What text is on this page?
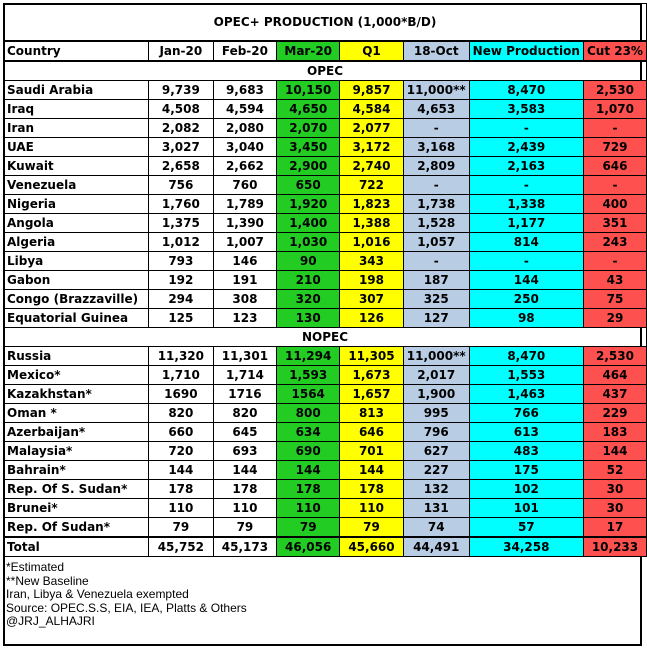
OPEC+ PRODUCTION (1,000*B/D)							
Country	Jan-20	Feb-20	Mar-20	Q1	18-Oct	New Production	Cut 23%
OPEC							
Saudi Arabia	9,739	9,683	10,150	9,857	11,000**	8,470	2,530
Iraq	4,508	4,594	4,650	4,584	4,653	3,583	1,070
Iran	2,082	2,080	2,070	2,077	-	-	-
UAE	3,027	3,040	3,450	3,172	3,168	2,439	729
Kuwait	2,658	2,662	2,900	2,740	2,809	2,163	646
Venezuela	756	760	650	722	-	-	-
Nigeria	1,760	1,789	1,920	1,823	1,738	1,338	400
Angola	1,375	1,390	1,400	1,388	1,528	1,177	351
Algeria	1,012	1,007	1,030	1,016	1,057	814	243
Libya	793	146	90	343	-	-	-
Gabon	192	191	210	198	187	144	43
Congo (Brazzaville)	294	308	320	307	325	250	75
Equatorial Guinea	125	123	130	126	127	98	29
NOPEC							
Russia	11,320	11,301	11,294	11,305	11,000**	8,470	2,530
Mexico*	1,710	1,714	1,593	1,673	2,017	1,553	464
Kazakhstan*	1690	1716	1564	1,657	1,900	1,463	437
Oman *	820	820	800	813	995	766	229
Azerbaijan*	660	645	634	646	796	613	183
Malaysia*	720	693	690	701	627	483	144
Bahrain*	144	144	144	144	227	175	52
Rep. Of S. Sudan*	178	178	178	178	132	102	30
Brunei*	110	110	110	110	131	101	30
Rep. Of Sudan*	79	79	79	79	74	57	17
Total	45,752	45,173	46,056	45,660	44,491	34,258	10,233
*Estimated
**New Baseline
Iran, Libya & Venezuela exempted
Source: OPEC.S.S, EIA, IEA, Platts & Others
@JRJ_ALHAJRI
